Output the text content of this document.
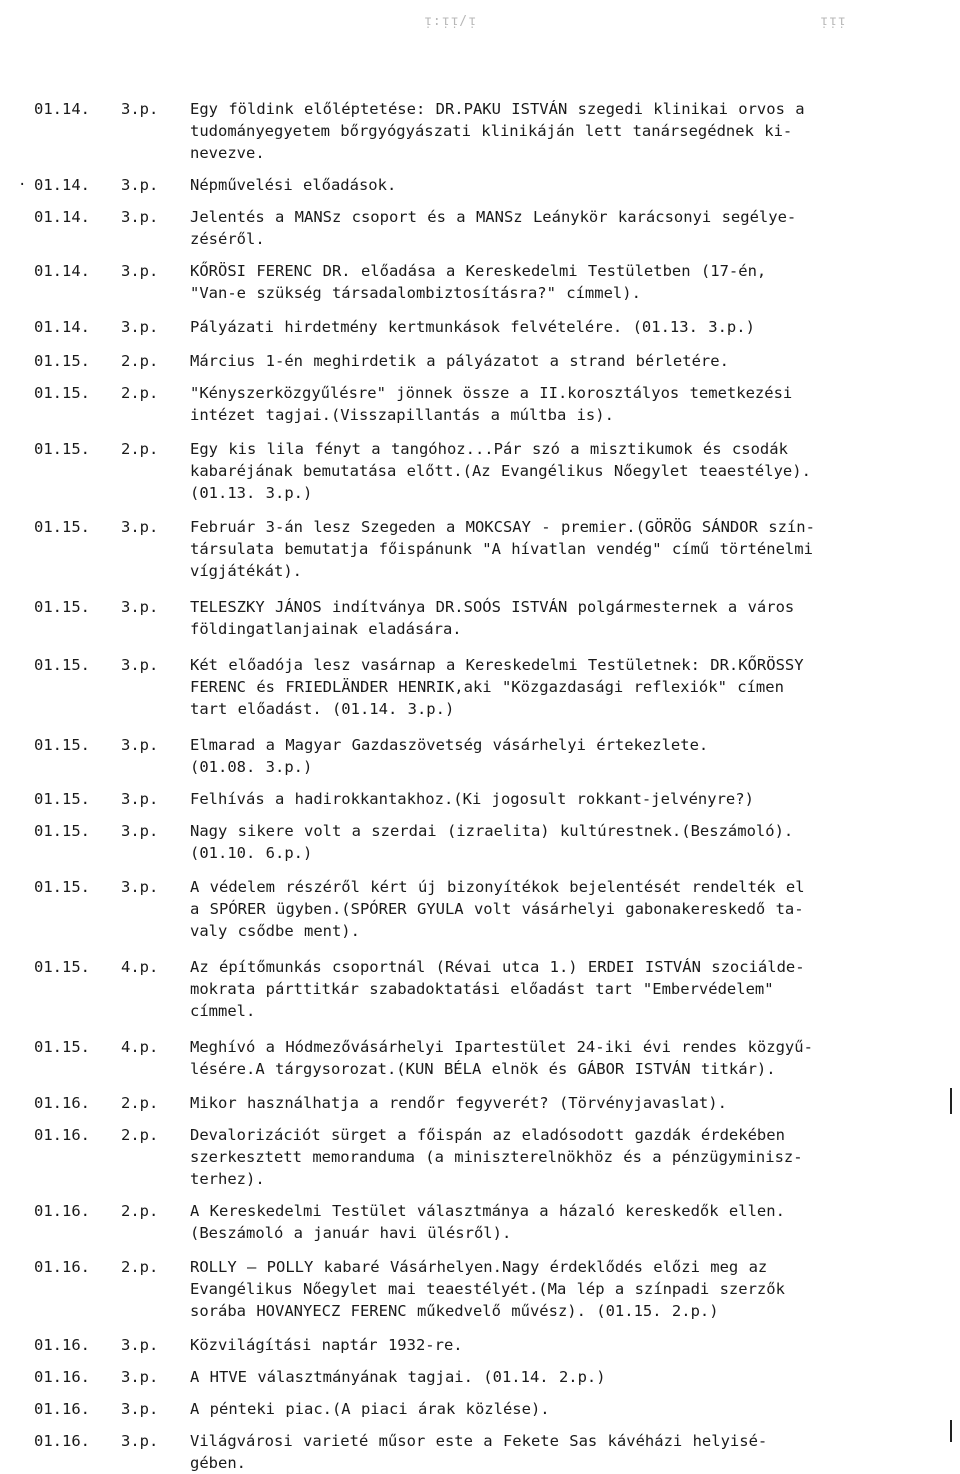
ᴉ:ᴉᴉ/ᴉ	ᴉᴉᴉ
01.14. 3.p. Egy földink előléptetése: DR.PAKU ISTVÁN szegedi klinikai orvos a
tudományegyetem bőrgyógyászati klinikáján lett tanársegédnek ki-
nevezve.
· 01.14. 3.p. Népművelési előadások.
01.14. 3.p. Jelentés a MANSz csoport és a MANSz Leánykör karácsonyi segélye-
zéséről.
01.14. 3.p. KŐRÖSI FERENC DR. előadása a Kereskedelmi Testületben (17-én,
"Van-e szükség társadalombiztosításra?" címmel).
01.14. 3.p. Pályázati hirdetmény kertmunkások felvételére. (01.13. 3.p.)
01.15. 2.p. Március 1-én meghirdetik a pályázatot a strand bérletére.
01.15. 2.p. "Kényszerközgyűlésre" jönnek össze a II.korosztályos temetkezési
intézet tagjai.(Visszapillantás a múltba is).
01.15. 2.p. Egy kis lila fényt a tangóhoz...Pár szó a misztikumok és csodák
kabaréjának bemutatása előtt.(Az Evangélikus Nőegylet teaestélye).
(01.13. 3.p.)
01.15. 3.p. Február 3-án lesz Szegeden a MOKCSAY - premier.(GÖRÖG SÁNDOR szín-
társulata bemutatja főispánunk "A hívatlan vendég" című történelmi
vígjátékát).
01.15. 3.p. TELESZKY JÁNOS indítványa DR.SOÓS ISTVÁN polgármesternek a város
földingatlanjainak eladására.
01.15. 3.p. Két előadója lesz vasárnap a Kereskedelmi Testületnek: DR.KŐRÖSSY
FERENC és FRIEDLÄNDER HENRIK,aki "Közgazdasági reflexiók" címen
tart előadást. (01.14. 3.p.)
01.15. 3.p. Elmarad a Magyar Gazdaszövetség vásárhelyi értekezlete.
(01.08. 3.p.)
01.15. 3.p. Felhívás a hadirokkantakhoz.(Ki jogosult rokkant-jelvényre?)
01.15. 3.p. Nagy sikere volt a szerdai (izraelita) kultúrestnek.(Beszámoló).
(01.10. 6.p.)
01.15. 3.p. A védelem részéről kért új bizonyítékok bejelentését rendelték el
a SPÓRER ügyben.(SPÓRER GYULA volt vásárhelyi gabonakereskedő ta-
valy csődbe ment).
01.15. 4.p. Az építőmunkás csoportnál (Révai utca 1.) ERDEI ISTVÁN szociálde-
mokrata párttitkár szabadoktatási előadást tart "Embervédelem"
címmel.
01.15. 4.p. Meghívó a Hódmezővásárhelyi Ipartestület 24-iki évi rendes közgyű-
lésére.A tárgysorozat.(KUN BÉLA elnök és GÁBOR ISTVÁN titkár).
01.16. 2.p. Mikor használhatja a rendőr fegyverét? (Törvényjavaslat).
01.16. 2.p. Devalorizációt sürget a főispán az eladósodott gazdák érdekében
szerkesztett memoranduma (a miniszterelnökhöz és a pénzügyminisz-
terhez).
01.16. 2.p. A Kereskedelmi Testület választmánya a házaló kereskedők ellen.
(Beszámoló a január havi ülésről).
01.16. 2.p. ROLLY — POLLY kabaré Vásárhelyen.Nagy érdeklődés előzi meg az
Evangélikus Nőegylet mai teaestélyét.(Ma lép a színpadi szerzők
sorába HOVANYECZ FERENC műkedvelő művész). (01.15. 2.p.)
01.16. 3.p. Közvilágítási naptár 1932-re.
01.16. 3.p. A HTVE választmányának tagjai. (01.14. 2.p.)
01.16. 3.p. A pénteki piac.(A piaci árak közlése).
01.16. 3.p. Világvárosi varieté műsor este a Fekete Sas kávéházi helyisé-
gében.
